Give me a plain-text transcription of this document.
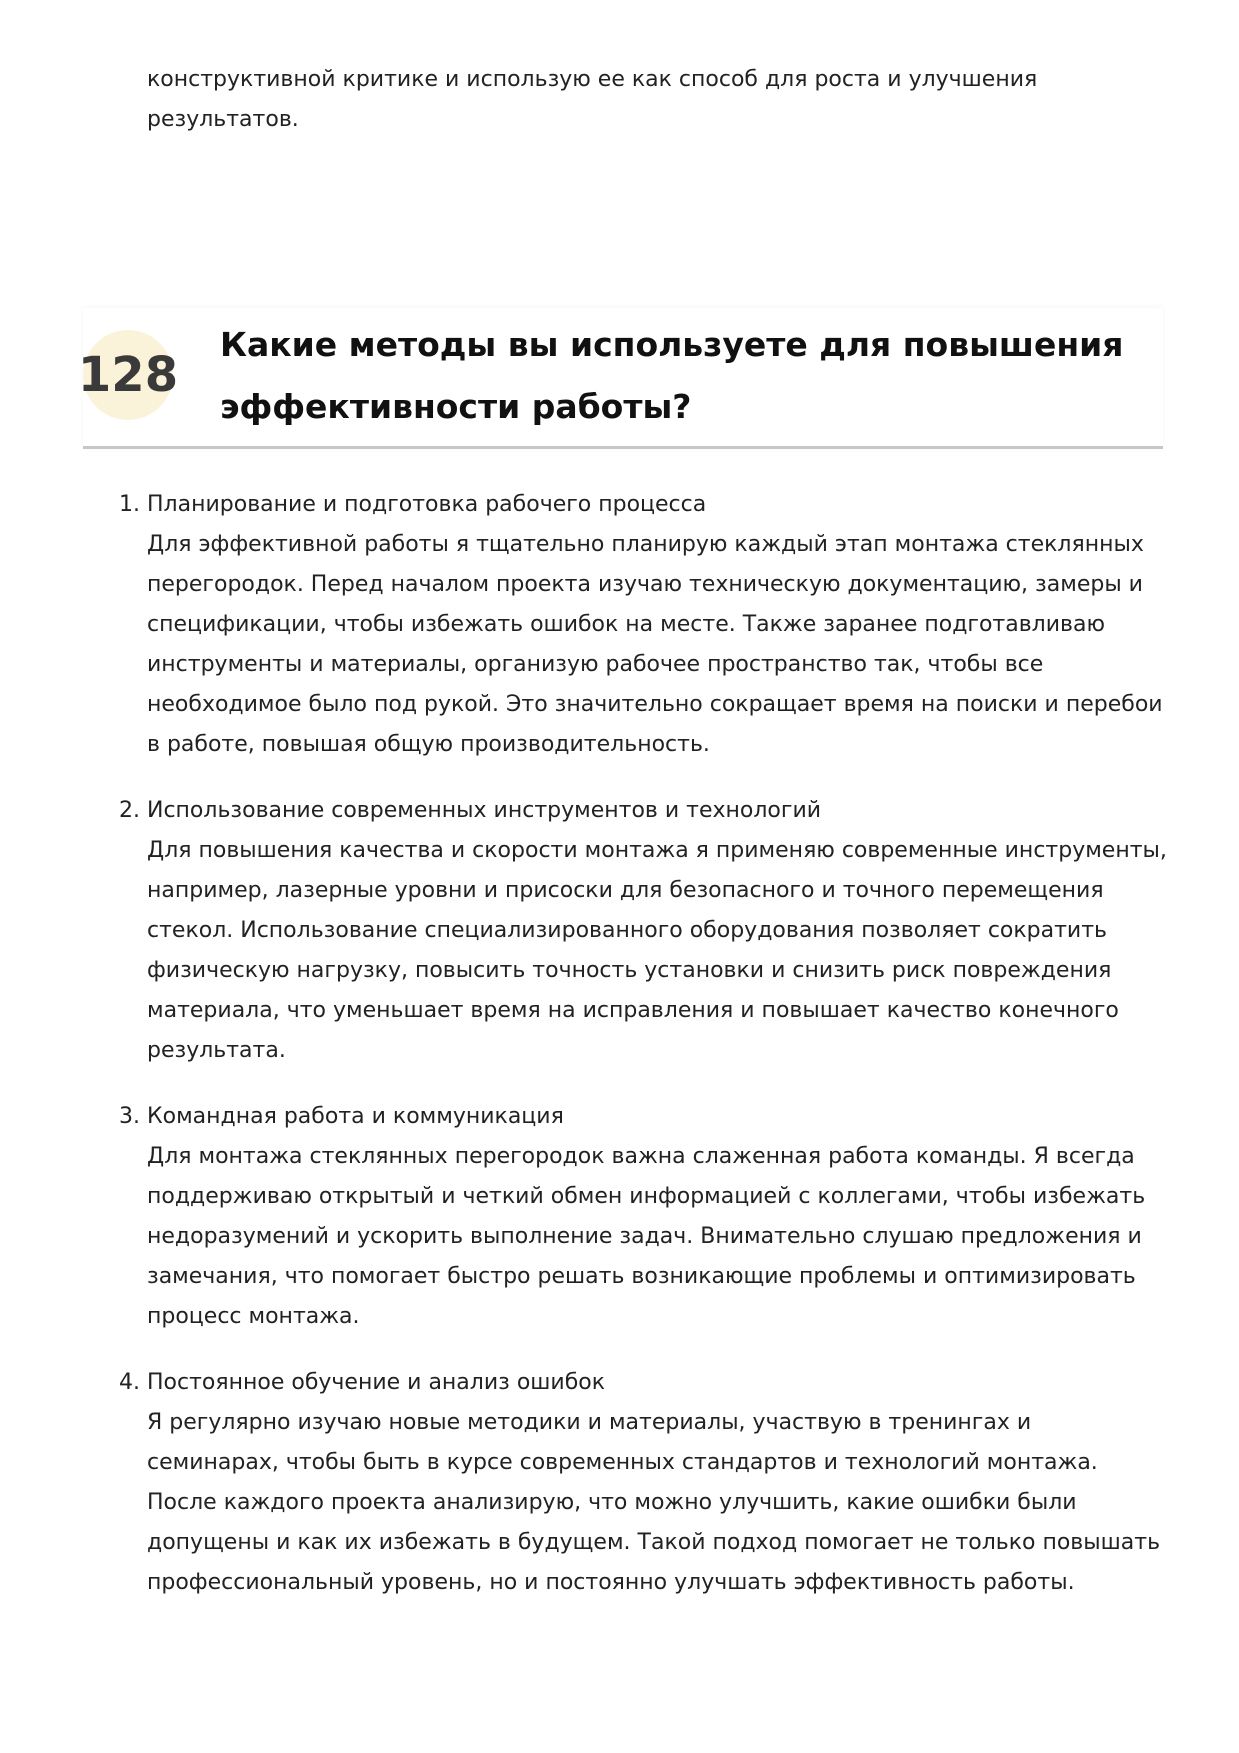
конструктивной критике и использую ее как способ для роста и улучшения результатов.

128
Какие методы вы используете для повышения эффективности работы?
1. Планирование и подготовка рабочего процесса

Для эффективной работы я тщательно планирую каждый этап монтажа стеклянных перегородок. Перед началом проекта изучаю техническую документацию, замеры и спецификации, чтобы избежать ошибок на месте. Также заранее подготавливаю инструменты и материалы, организую рабочее пространство так, чтобы все необходимое было под рукой. Это значительно сокращает время на поиски и перебои в работе, повышая общую производительность.

2. Использование современных инструментов и технологий

Для повышения качества и скорости монтажа я применяю современные инструменты, например, лазерные уровни и присоски для безопасного и точного перемещения стекол. Использование специализированного оборудования позволяет сократить физическую нагрузку, повысить точность установки и снизить риск повреждения материала, что уменьшает время на исправления и повышает качество конечного результата.

3. Командная работа и коммуникация

Для монтажа стеклянных перегородок важна слаженная работа команды. Я всегда поддерживаю открытый и четкий обмен информацией с коллегами, чтобы избежать недоразумений и ускорить выполнение задач. Внимательно слушаю предложения и замечания, что помогает быстро решать возникающие проблемы и оптимизировать процесс монтажа.

4. Постоянное обучение и анализ ошибок

Я регулярно изучаю новые методики и материалы, участвую в тренингах и семинарах, чтобы быть в курсе современных стандартов и технологий монтажа. После каждого проекта анализирую, что можно улучшить, какие ошибки были допущены и как их избежать в будущем. Такой подход помогает не только повышать профессиональный уровень, но и постоянно улучшать эффективность работы.
